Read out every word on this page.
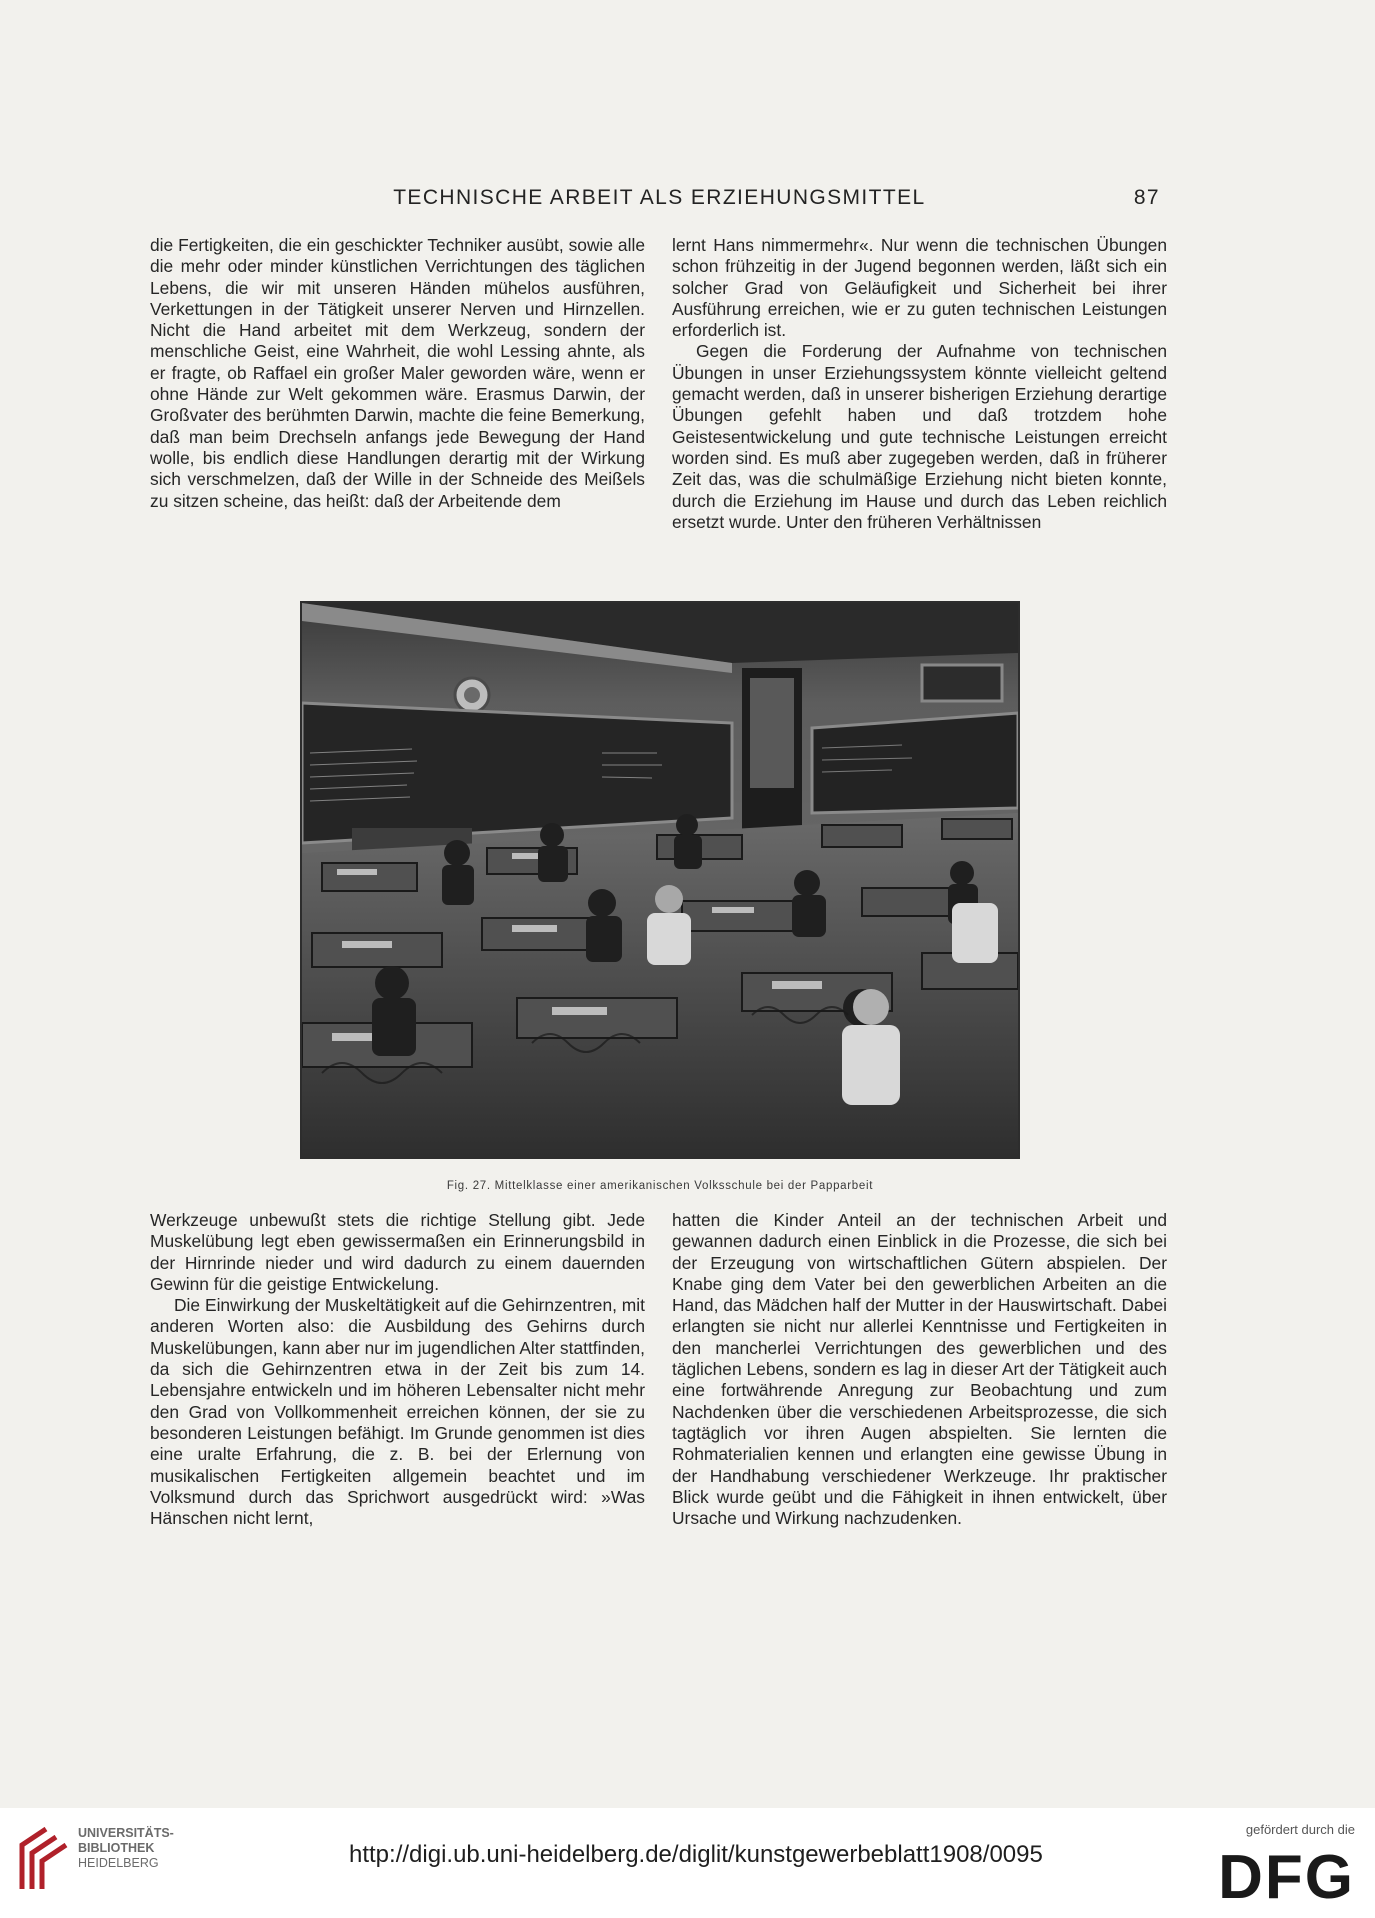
TECHNISCHE ARBEIT ALS ERZIEHUNGSMITTEL	87

die Fertigkeiten, die ein geschickter Techniker ausübt, sowie alle die mehr oder minder künstlichen Verrichtungen des täglichen Lebens, die wir mit unseren Händen mühelos ausführen, Verkettungen in der Tätigkeit unserer Nerven und Hirnzellen. Nicht die Hand arbeitet mit dem Werkzeug, sondern der menschliche Geist, eine Wahrheit, die wohl Lessing ahnte, als er fragte, ob Raffael ein großer Maler geworden wäre, wenn er ohne Hände zur Welt gekommen wäre. Erasmus Darwin, der Großvater des berühmten Darwin, machte die feine Bemerkung, daß man beim Drechseln anfangs jede Bewegung der Hand wolle, bis endlich diese Handlungen derartig mit der Wirkung sich verschmelzen, daß der Wille in der Schneide des Meißels zu sitzen scheine, das heißt: daß der Arbeitende dem

lernt Hans nimmermehr«. Nur wenn die technischen Übungen schon frühzeitig in der Jugend begonnen werden, läßt sich ein solcher Grad von Geläufigkeit und Sicherheit bei ihrer Ausführung erreichen, wie er zu guten technischen Leistungen erforderlich ist.

Gegen die Forderung der Aufnahme von technischen Übungen in unser Erziehungssystem könnte vielleicht geltend gemacht werden, daß in unserer bisherigen Erziehung derartige Übungen gefehlt haben und daß trotzdem hohe Geistesentwickelung und gute technische Leistungen erreicht worden sind. Es muß aber zugegeben werden, daß in früherer Zeit das, was die schulmäßige Erziehung nicht bieten konnte, durch die Erziehung im Hause und durch das Leben reichlich ersetzt wurde. Unter den früheren Verhältnissen

Fig. 27. Mittelklasse einer amerikanischen Volksschule bei der Papparbeit

Werkzeuge unbewußt stets die richtige Stellung gibt. Jede Muskelübung legt eben gewissermaßen ein Erinnerungsbild in der Hirnrinde nieder und wird dadurch zu einem dauernden Gewinn für die geistige Entwickelung.

Die Einwirkung der Muskeltätigkeit auf die Gehirnzentren, mit anderen Worten also: die Ausbildung des Gehirns durch Muskelübungen, kann aber nur im jugendlichen Alter stattfinden, da sich die Gehirnzentren etwa in der Zeit bis zum 14. Lebensjahre entwickeln und im höheren Lebensalter nicht mehr den Grad von Vollkommenheit erreichen können, der sie zu besonderen Leistungen befähigt. Im Grunde genommen ist dies eine uralte Erfahrung, die z. B. bei der Erlernung von musikalischen Fertigkeiten allgemein beachtet und im Volksmund durch das Sprichwort ausgedrückt wird: »Was Hänschen nicht lernt,

hatten die Kinder Anteil an der technischen Arbeit und gewannen dadurch einen Einblick in die Prozesse, die sich bei der Erzeugung von wirtschaftlichen Gütern abspielen. Der Knabe ging dem Vater bei den gewerblichen Arbeiten an die Hand, das Mädchen half der Mutter in der Hauswirtschaft. Dabei erlangten sie nicht nur allerlei Kenntnisse und Fertigkeiten in den mancherlei Verrichtungen des gewerblichen und des täglichen Lebens, sondern es lag in dieser Art der Tätigkeit auch eine fortwährende Anregung zur Beobachtung und zum Nachdenken über die verschiedenen Arbeitsprozesse, die sich tagtäglich vor ihren Augen abspielten. Sie lernten die Rohmaterialien kennen und erlangten eine gewisse Übung in der Handhabung verschiedener Werkzeuge. Ihr praktischer Blick wurde geübt und die Fähigkeit in ihnen entwickelt, über Ursache und Wirkung nachzudenken.

UNIVERSITÄTS-
BIBLIOTHEK
HEIDELBERG	http://digi.ub.uni-heidelberg.de/diglit/kunstgewerbeblatt1908/0095
gefördert durch die
DFG
